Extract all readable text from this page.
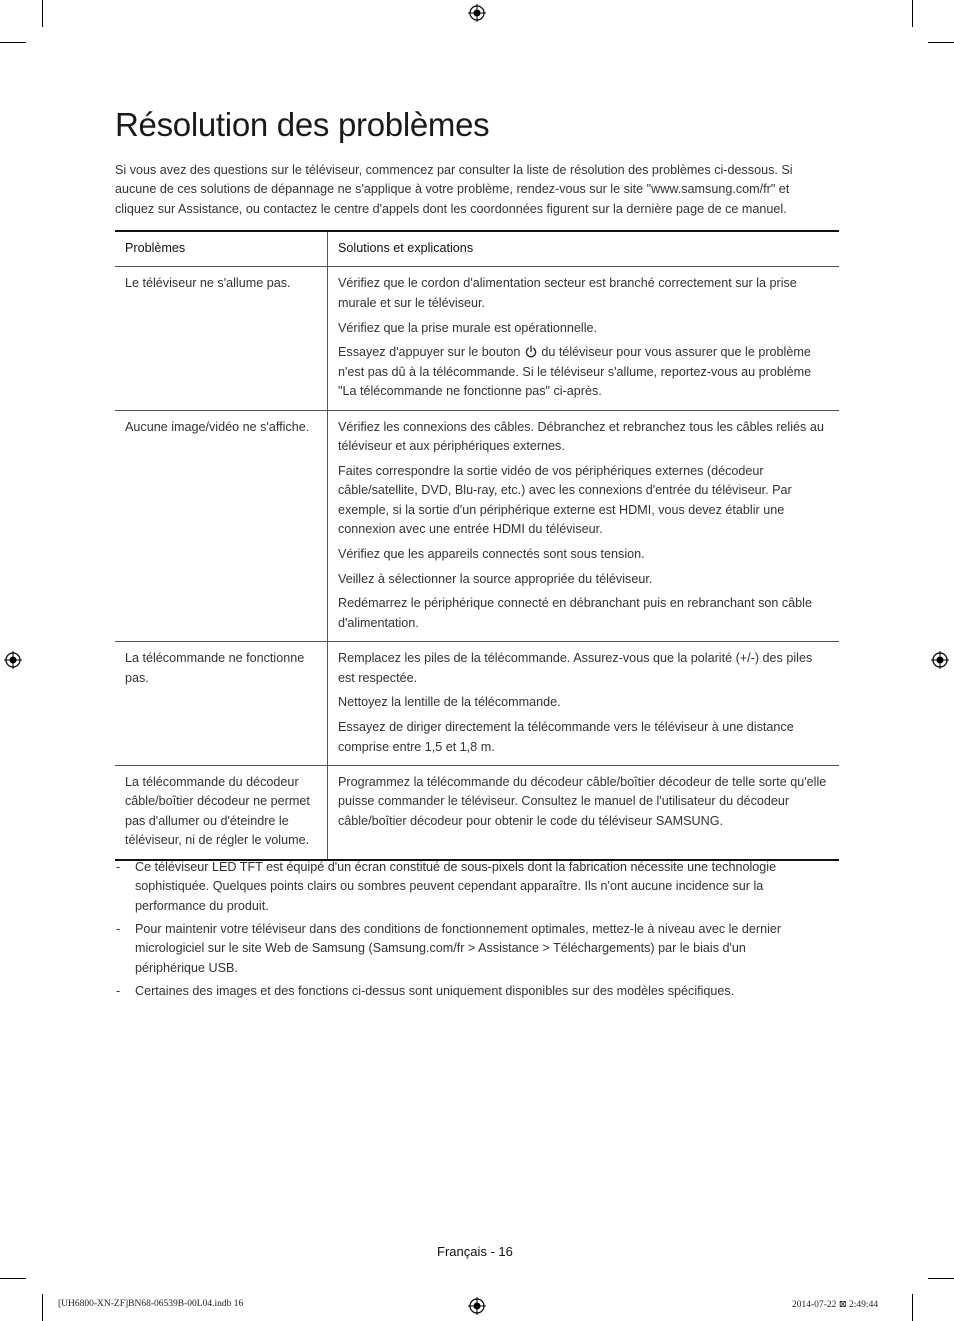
Résolution des problèmes

Si vous avez des questions sur le téléviseur, commencez par consulter la liste de résolution des problèmes ci-dessous. Si aucune de ces solutions de dépannage ne s'applique à votre problème, rendez-vous sur le site "www.samsung.com/fr" et cliquez sur Assistance, ou contactez le centre d'appels dont les coordonnées figurent sur la dernière page de ce manuel.

Problèmes	Solutions et explications
Le téléviseur ne s'allume pas.	Vérifiez que le cordon d'alimentation secteur est branché correctement sur la prise murale et sur le téléviseur.

Vérifiez que la prise murale est opérationnelle.

Essayez d'appuyer sur le bouton du téléviseur pour vous assurer que le problème n'est pas dû à la télécommande. Si le téléviseur s'allume, reportez-vous au problème "La télécommande ne fonctionne pas" ci-après.

Aucune image/vidéo ne s'affiche.	Vérifiez les connexions des câbles. Débranchez et rebranchez tous les câbles reliés au téléviseur et aux périphériques externes.

Faites correspondre la sortie vidéo de vos périphériques externes (décodeur câble/satellite, DVD, Blu-ray, etc.) avec les connexions d'entrée du téléviseur. Par exemple, si la sortie d'un périphérique externe est HDMI, vous devez établir une connexion avec une entrée HDMI du téléviseur.

Vérifiez que les appareils connectés sont sous tension.

Veillez à sélectionner la source appropriée du téléviseur.

Redémarrez le périphérique connecté en débranchant puis en rebranchant son câble d'alimentation.

La télécommande ne fonctionne pas.	Remplacez les piles de la télécommande. Assurez-vous que la polarité (+/-) des piles est respectée.

Nettoyez la lentille de la télécommande.

Essayez de diriger directement la télécommande vers le téléviseur à une distance comprise entre 1,5 et 1,8 m.

La télécommande du décodeur câble/boîtier décodeur ne permet pas d'allumer ou d'éteindre le téléviseur, ni de régler le volume.	Programmez la télécommande du décodeur câble/boîtier décodeur de telle sorte qu'elle puisse commander le téléviseur. Consultez le manuel de l'utilisateur du décodeur câble/boîtier décodeur pour obtenir le code du téléviseur SAMSUNG.

- Ce téléviseur LED TFT est équipé d'un écran constitué de sous-pixels dont la fabrication nécessite une technologie sophistiquée. Quelques points clairs ou sombres peuvent cependant apparaître. Ils n'ont aucune incidence sur la performance du produit.
- Pour maintenir votre téléviseur dans des conditions de fonctionnement optimales, mettez-le à niveau avec le dernier micrologiciel sur le site Web de Samsung (Samsung.com/fr > Assistance > Téléchargements) par le biais d'un périphérique USB.
- Certaines des images et des fonctions ci-dessus sont uniquement disponibles sur des modèles spécifiques.
Français - 16
[UH6800-XN-ZF]BN68-06539B-00L04.indb 16	2014-07-22 ⊠ 2:49:44
